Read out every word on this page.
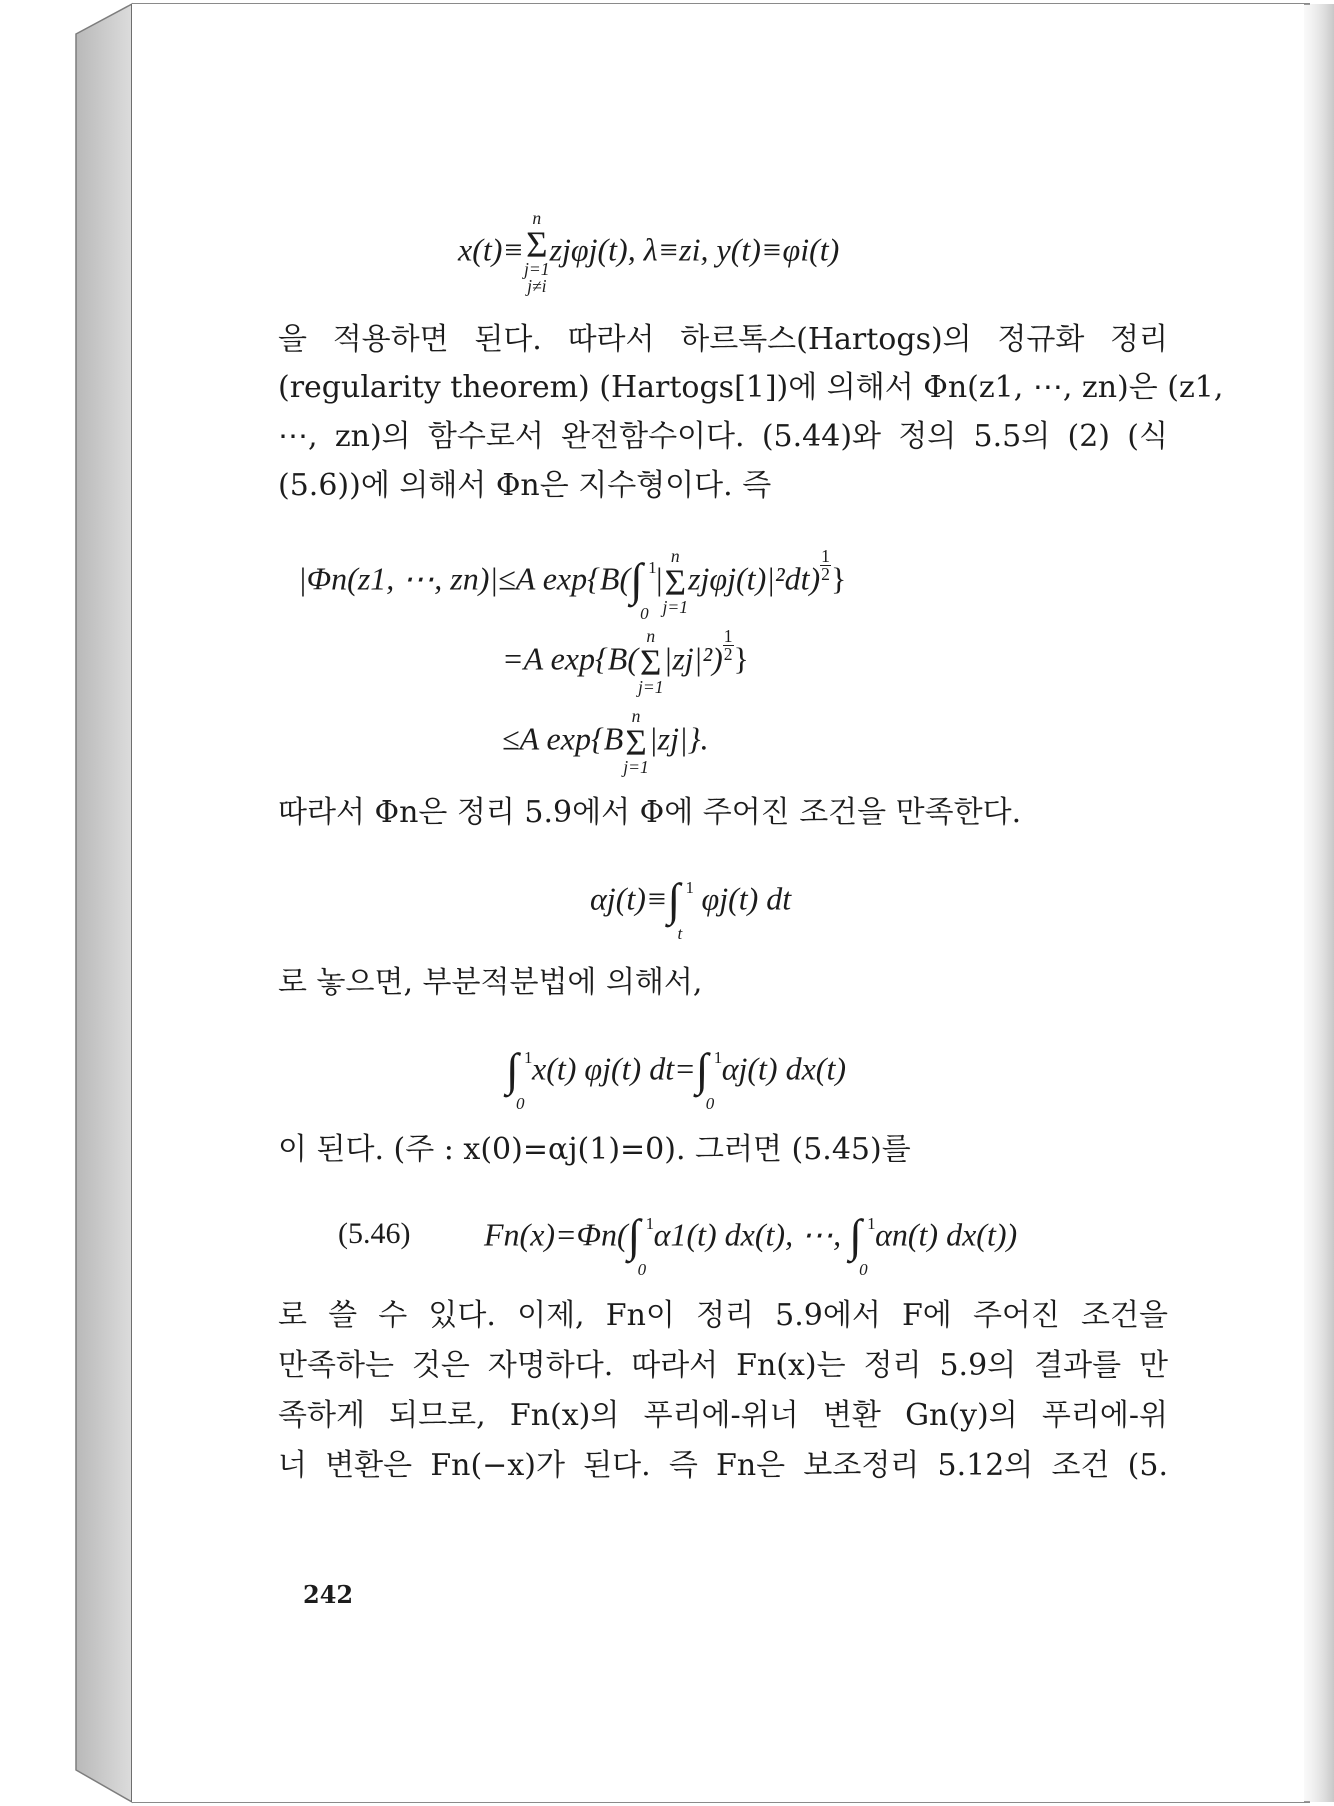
x(t)≡
n
Σ
j=1
j≠i
zjφj(t), λ≡zi, y(t)≡φi(t)
을 적용하면 된다. 따라서 하르톡스(Hartogs)의 정규화 정리
(regularity theorem) (Hartogs[1])에 의해서 Φn(z1, ⋯, zn)은 (z1,
⋯, zn)의 함수로서 완전함수이다. (5.44)와 정의 5.5의 (2) (식
(5.6))에 의해서 Φn은 지수형이다. 즉
|Φn(z1, ⋯, zn)|≤A exp{B( ∫ 1
0
|
n
Σ
j=1
$zj\varphi j(t)|^2dt) \frac{1}{2}$ }
=A exp{B(
n
Σ
j=1
$|zj|^2) \frac{1}{2}$ }
≤A exp{B
n
Σ
j=1
|zj|}.
따라서 Φn은 정리 5.9에서 Φ에 주어진 조건을 만족한다.
αj(t)≡ ∫ 1
t
φj(t) dt
로 놓으면, 부분적분법에 의해서,
∫ 1
0
x(t) φj(t) dt= ∫ 1
0
αj(t) dx(t)
이 된다. (주 : x(0)=αj(1)=0). 그러면 (5.45)를
(5.46) Fn(x)=Φn( ∫ 1
0
α1(t) dx(t), ⋯, ∫ 1
0
αn(t) dx(t))
로 쓸 수 있다. 이제, Fn이 정리 5.9에서 F에 주어진 조건을
만족하는 것은 자명하다. 따라서 Fn(x)는 정리 5.9의 결과를 만
족하게 되므로, Fn(x)의 푸리에-위너 변환 Gn(y)의 푸리에-위
너 변환은 Fn(−x)가 된다. 즉 Fn은 보조정리 5.12의 조건 (5.
242
